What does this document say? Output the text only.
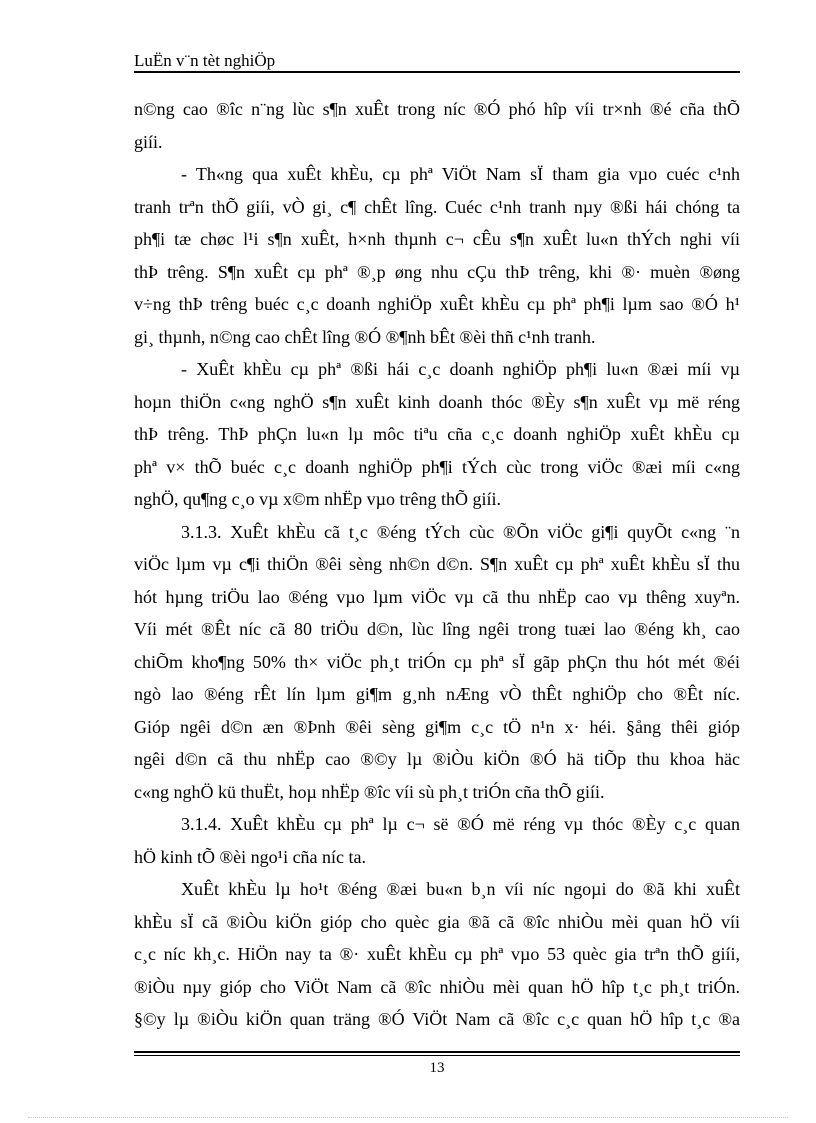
LuËn v¨n tèt nghiÖp
n©ng cao ®îc n¨ng lùc s¶n xuÊt trong níc ®Ó phó hîp víi tr×nh ®é cña thÕ
giíi.
- Th«ng qua xuÊt khÈu, cµ phª ViÖt Nam sÏ tham gia vµo cuéc c¹nh
tranh trªn thÕ giíi, vÒ gi¸ c¶ chÊt lîng. Cuéc c¹nh tranh nµy ®ßi hái chóng ta
ph¶i tæ chøc l¹i s¶n xuÊt, h×nh thµnh c¬ cÊu s¶n xuÊt lu«n thÝch nghi víi
thÞ trêng. S¶n xuÊt cµ phª ®¸p øng nhu cÇu thÞ trêng, khi ®· muèn ®øng
v÷ng thÞ trêng buéc c¸c doanh nghiÖp xuÊt khÈu cµ phª ph¶i lµm sao ®Ó h¹
gi¸ thµnh, n©ng cao chÊt lîng ®Ó ®¶nh bÊt ®èi thñ c¹nh tranh.
- XuÊt khÈu cµ phª ®ßi hái c¸c doanh nghiÖp ph¶i lu«n ®æi míi vµ
hoµn thiÖn c«ng nghÖ s¶n xuÊt kinh doanh thóc ®Èy s¶n xuÊt vµ më réng
thÞ trêng. ThÞ phÇn lu«n lµ môc tiªu cña c¸c doanh nghiÖp xuÊt khÈu cµ
phª v× thÕ buéc c¸c doanh nghiÖp ph¶i tÝch cùc trong viÖc ®æi míi c«ng
nghÖ, qu¶ng c¸o vµ x©m nhËp vµo trêng thÕ giíi.
3.1.3. XuÊt khÈu cã t¸c ®éng tÝch cùc ®Õn viÖc gi¶i quyÕt c«ng ¨n
viÖc lµm vµ c¶i thiÖn ®êi sèng nh©n d©n. S¶n xuÊt cµ phª xuÊt khÈu sÏ thu
hót hµng triÖu lao ®éng vµo lµm viÖc vµ cã thu nhËp cao vµ thêng xuyªn.
Víi mét ®Êt níc cã 80 triÖu d©n, lùc lîng ngêi trong tuæi lao ®éng kh¸ cao
chiÕm kho¶ng 50% th× viÖc ph¸t triÓn cµ phª sÏ gãp phÇn thu hót mét ®éi
ngò lao ®éng rÊt lín lµm gi¶m g¸nh nÆng vÒ thÊt nghiÖp cho ®Êt níc.
Gióp ngêi d©n æn ®Þnh ®êi sèng gi¶m c¸c tÖ n¹n x· héi. §ång thêi gióp
ngêi d©n cã thu nhËp cao ®©y lµ ®iÒu kiÖn ®Ó hä tiÕp thu khoa häc
c«ng nghÖ kü thuËt, hoµ nhËp ®îc víi sù ph¸t triÓn cña thÕ giíi.
3.1.4. XuÊt khÈu cµ phª lµ c¬ së ®Ó më réng vµ thóc ®Èy c¸c quan
hÖ kinh tÕ ®èi ngo¹i cña níc ta.
XuÊt khÈu lµ ho¹t ®éng ®æi bu«n b¸n víi níc ngoµi do ®ã khi xuÊt
khÈu sÏ cã ®iÒu kiÖn gióp cho quèc gia ®ã cã ®îc nhiÒu mèi quan hÖ víi
c¸c níc kh¸c. HiÖn nay ta ®· xuÊt khÈu cµ phª vµo 53 quèc gia trªn thÕ giíi,
®iÒu nµy gióp cho ViÖt Nam cã ®îc nhiÒu mèi quan hÖ hîp t¸c ph¸t triÓn.
§©y lµ ®iÒu kiÖn quan träng ®Ó ViÖt Nam cã ®îc c¸c quan hÖ hîp t¸c ®a
13
